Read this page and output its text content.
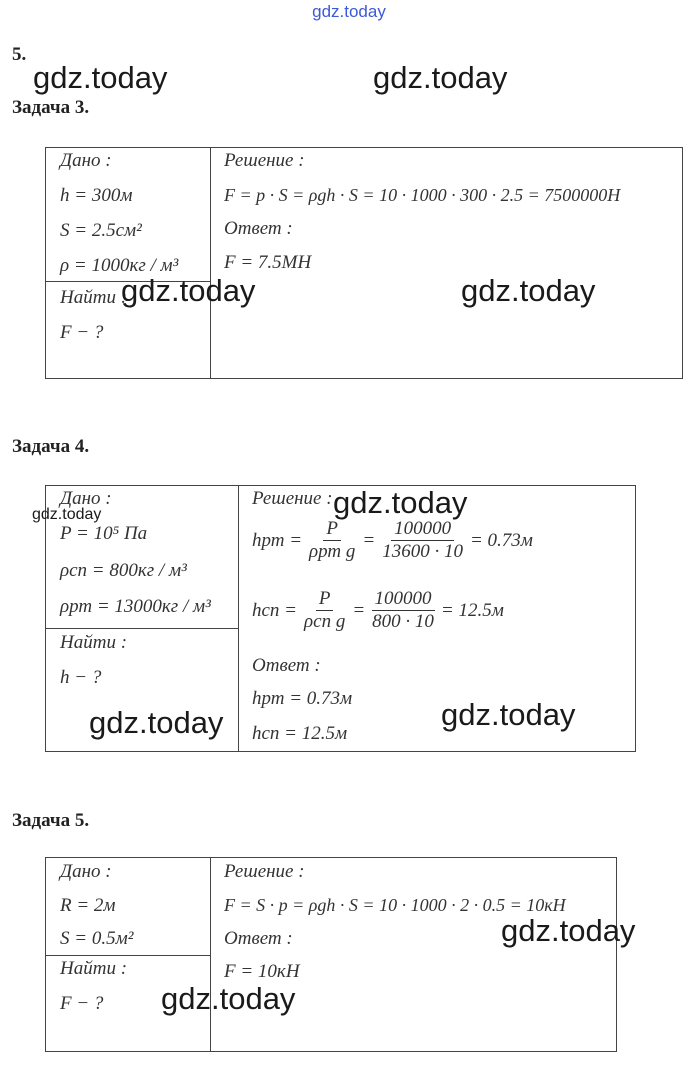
gdz.today
5.
Задача 3.
Дано :
h = 300м
S = 2.5см²
ρ = 1000кг / м³
Найти :
F − ?
Решение :
F = p · S = ρgh · S = 10 · 1000 · 300 · 2.5 = 7500000H
Ответ :
F = 7.5MH
Задача 4.
Дано :
P = 10⁵ Па
ρсп = 800кг / м³
ρрт = 13000кг / м³
Найти :
h − ?
Решение :
hрт = $\frac{P}{\text{ρрт g}} = \frac{100000}{13600 \cdot 10} = 0.73м$
hсп = $\frac{P}{\text{ρсп g}} = \frac{100000}{800 \cdot 10} = 12.5м$
Ответ :
hрт = 0.73м
hсп = 12.5м
Задача 5.
Дано :
R = 2м
S = 0.5м²
Найти :
F − ?
Решение :
F = S · p = ρgh · S = 10 · 1000 · 2 · 0.5 = 10кH
Ответ :
F = 10кH
gdz.today	gdz.today
gdz.today	gdz.today
gdz.today	gdz.today
gdz.today	gdz.today
gdz.today
gdz.today
